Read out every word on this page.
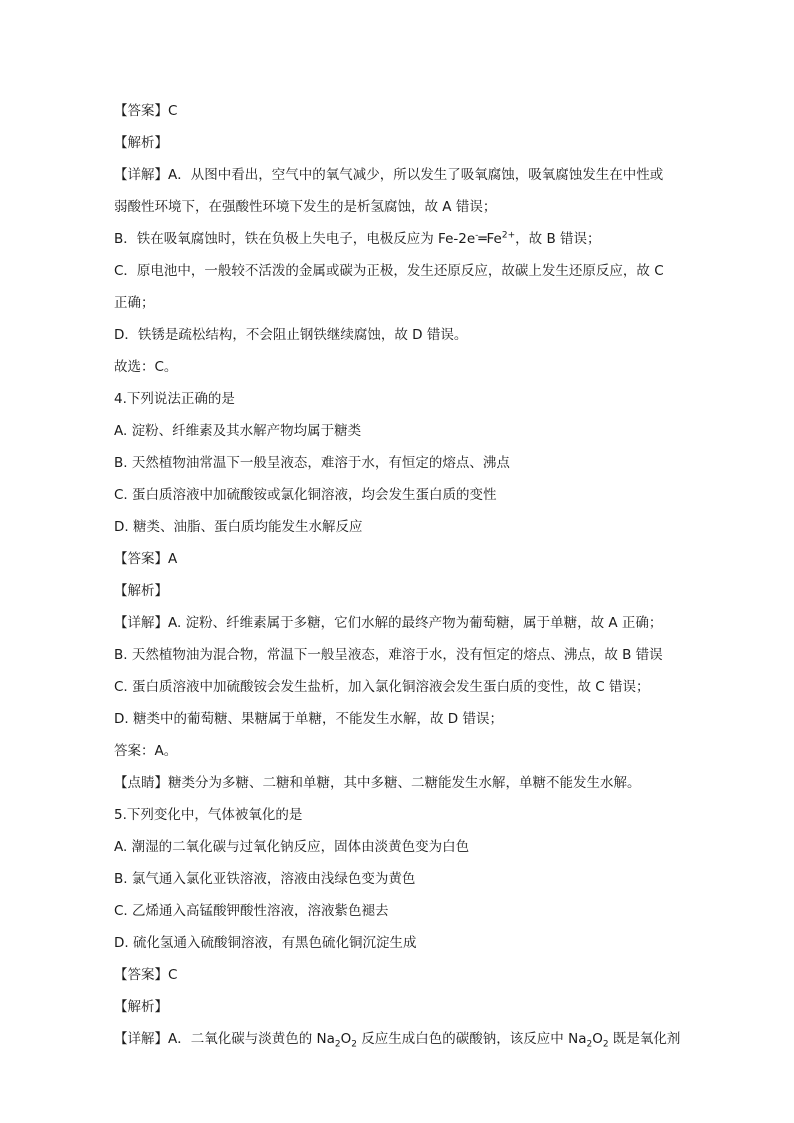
【答案】C
【解析】
【详解】A．从图中看出，空气中的氧气减少，所以发生了吸氧腐蚀，吸氧腐蚀发生在中性或
弱酸性环境下，在强酸性环境下发生的是析氢腐蚀，故 A 错误；
B．铁在吸氧腐蚀时，铁在负极上失电子，电极反应为 $Fe-2e^-═Fe^{2+}$，故 B 错误；
C．原电池中，一般较不活泼的金属或碳为正极，发生还原反应，故碳上发生还原反应，故 C
正确；
D．铁锈是疏松结构，不会阻止钢铁继续腐蚀，故 D 错误。
故选：C。
4.下列说法正确的是
A. 淀粉、纤维素及其水解产物均属于糖类
B. 天然植物油常温下一般呈液态，难溶于水，有恒定的熔点、沸点
C. 蛋白质溶液中加硫酸铵或氯化铜溶液，均会发生蛋白质的变性
D. 糖类、油脂、蛋白质均能发生水解反应
【答案】A
【解析】
【详解】A. 淀粉、纤维素属于多糖，它们水解的最终产物为葡萄糖，属于单糖，故 A 正确；
B. 天然植物油为混合物，常温下一般呈液态，难溶于水，没有恒定的熔点、沸点，故 B 错误
C. 蛋白质溶液中加硫酸铵会发生盐析，加入氯化铜溶液会发生蛋白质的变性，故 C 错误；
D. 糖类中的葡萄糖、果糖属于单糖，不能发生水解，故 D 错误；
答案：A。
【点睛】糖类分为多糖、二糖和单糖，其中多糖、二糖能发生水解，单糖不能发生水解。
5.下列变化中，气体被氧化的是
A. 潮湿的二氧化碳与过氧化钠反应，固体由淡黄色变为白色
B. 氯气通入氯化亚铁溶液，溶液由浅绿色变为黄色
C. 乙烯通入高锰酸钾酸性溶液，溶液紫色褪去
D. 硫化氢通入硫酸铜溶液，有黑色硫化铜沉淀生成
【答案】C
【解析】
【详解】A．二氧化碳与淡黄色的 $Na_2O_2$ 反应生成白色的碳酸钠，该反应中 $Na_2O_2$ 既是氧化剂
